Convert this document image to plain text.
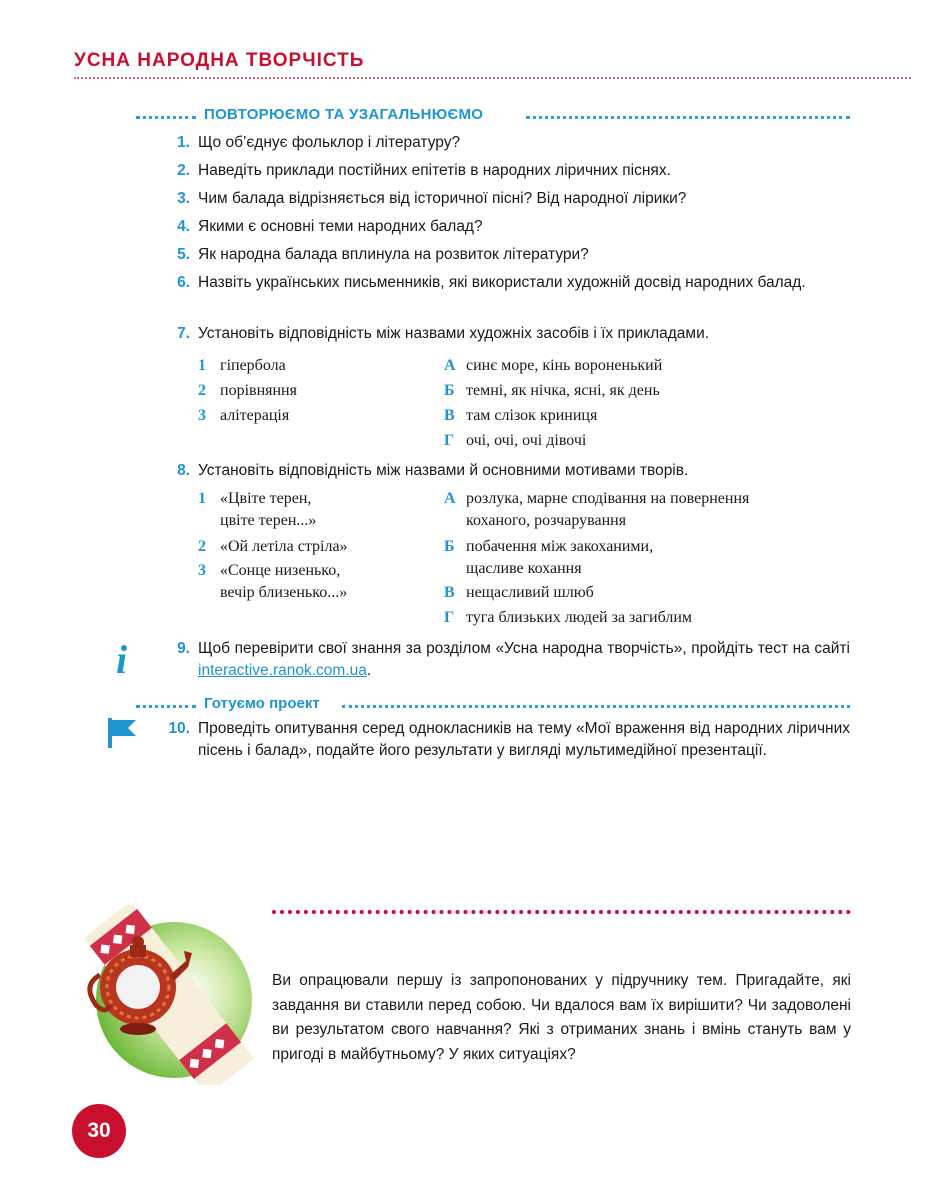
УСНА НАРОДНА ТВОРЧІСТЬ
ПОВТОРЮЄМО ТА УЗАГАЛЬНЮЄМО
1. Що об’єднує фольклор і літературу?
2. Наведіть приклади постійних епітетів в народних ліричних піснях.
3. Чим балада відрізняється від історичної пісні? Від народної лірики?
4. Якими є основні теми народних балад?
5. Як народна балада вплинула на розвиток літератури?
6. Назвіть українських письменників, які використали художній досвід народних балад.
7. Установіть відповідність між назвами художніх засобів і їх прикладами.
1 гіпербола
2 порівняння
3 алітерація
А синє море, кінь вороненький
Б темні, як нічка, ясні, як день
В там слізок криниця
Г очі, очі, очі дівочі
8. Установіть відповідність між назвами й основними мотивами творів.
1 «Цвіте терен,
цвіте терен...»
2 «Ой летіла стріла»
3 «Сонце низенько,
вечір близенько...»
А розлука, марне сподівання на повернення
коханого, розчарування
Б побачення між закоханими,
щасливе кохання
В нещасливий шлюб
Г туга близьких людей за загиблим
i	9. Щоб перевірити свої знання за розділом «Усна народна творчість», пройдіть тест на сайті interactive.ranok.com.ua.
Готуємо проект
10. Проведіть опитування серед однокласників на тему «Мої враження від народних ліричних пісень і балад», подайте його результати у вигляді мультимедійної презентації.
Ви опрацювали першу із запропонованих у підручнику тем. Пригадайте, які завдання ви ставили перед собою. Чи вдалося вам їх вирішити? Чи задоволені ви результатом свого навчання? Які з отриманих знань і вмінь стануть вам у пригоді в майбутньому? У яких ситуаціях?
30
